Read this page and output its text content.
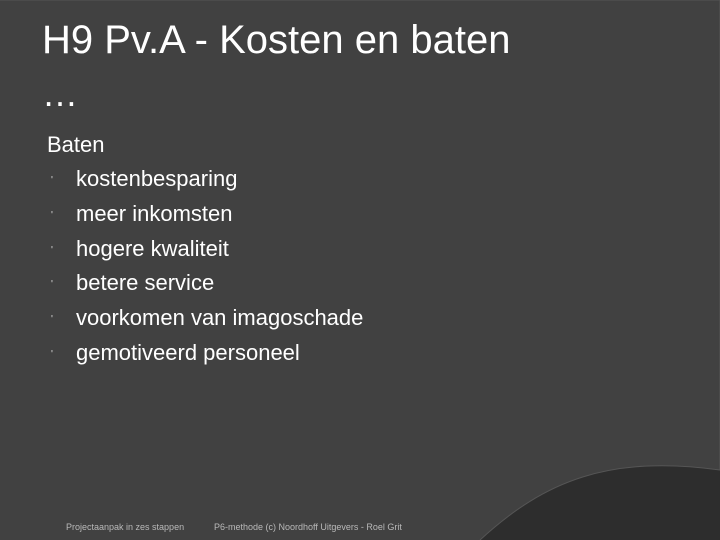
H9 Pv.A - Kosten en baten
…
Baten
' kostenbesparing
' meer inkomsten
' hogere kwaliteit
' betere service
' voorkomen van imagoschade
' gemotiveerd personeel
Projectaanpak in zes stappen	P6-methode (c) Noordhoff Uitgevers - Roel Grit
